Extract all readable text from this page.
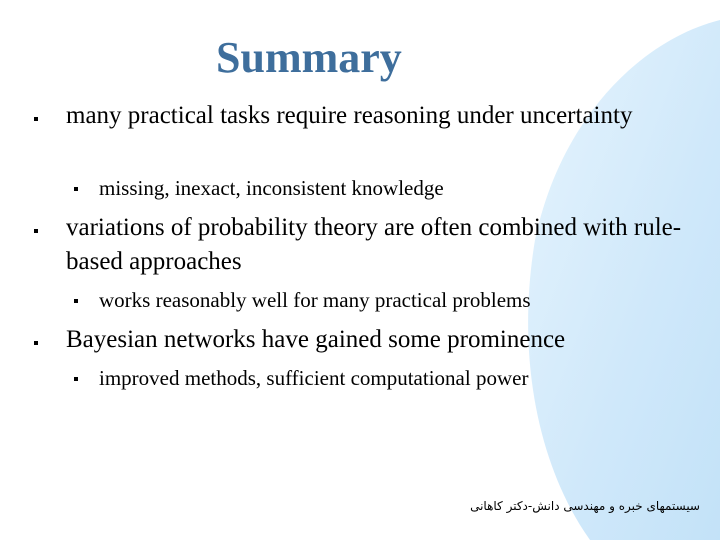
Summary
many practical tasks require reasoning under uncertainty
missing, inexact, inconsistent knowledge
variations of probability theory are often combined with rule-based approaches
works reasonably well for many practical problems
Bayesian networks have gained some prominence
improved methods, sufficient computational power
سیستمهای خبره و مهندسی دانش-دکتر کاهانی
